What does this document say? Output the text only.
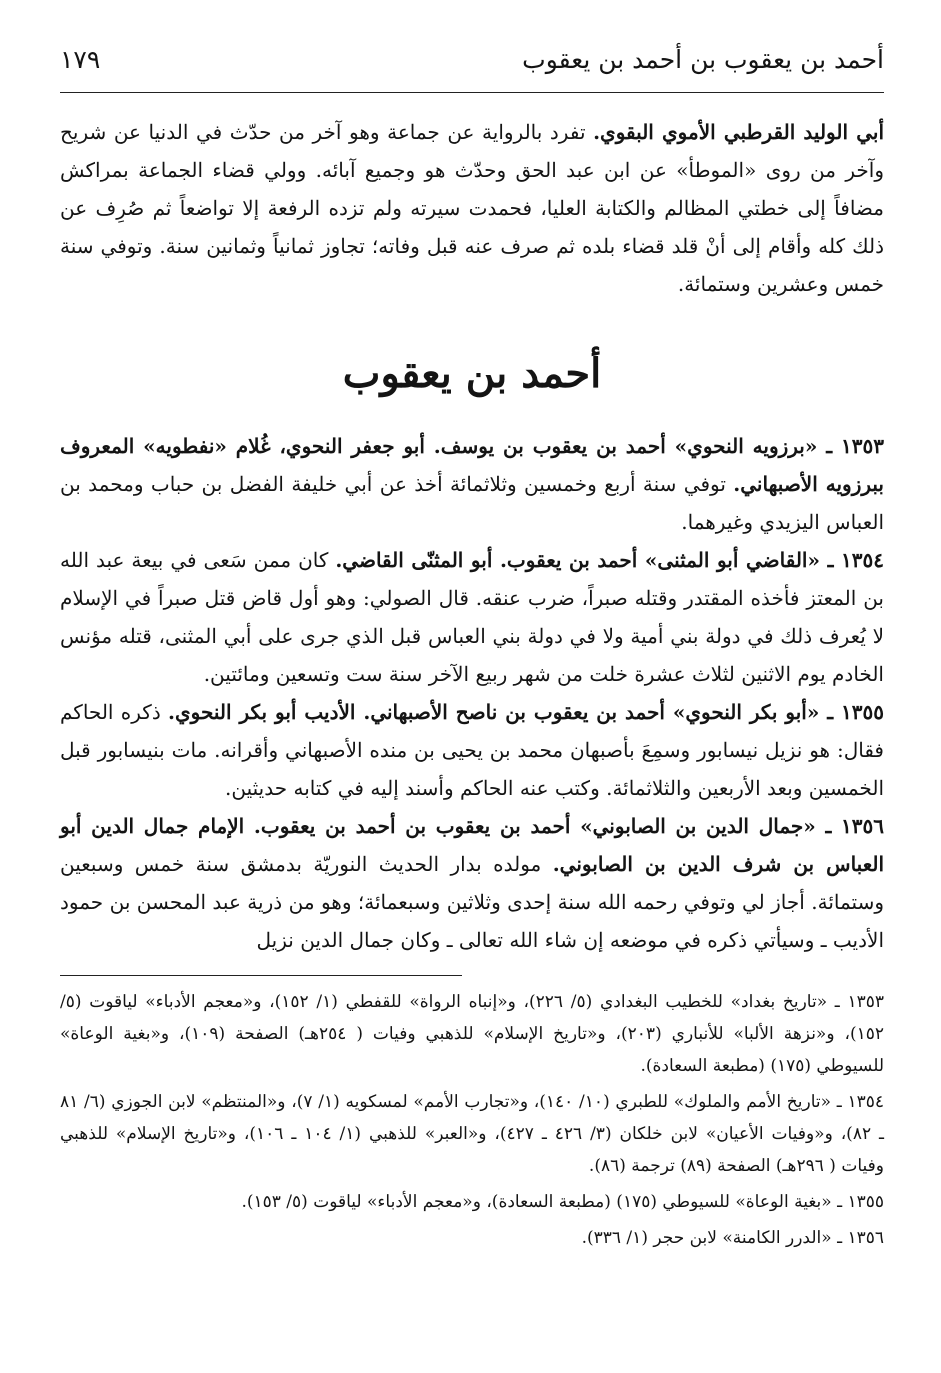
أحمد بن يعقوب بن أحمد بن يعقوب
١٧٩

أبي الوليد القرطبي الأموي البقوي. تفرد بالرواية عن جماعة وهو آخر من حدّث في الدنيا عن شريح وآخر من روى «الموطأ» عن ابن عبد الحق وحدّث هو وجميع آبائه. وولي قضاء الجماعة بمراكش مضافاً إلى خطتي المظالم والكتابة العليا، فحمدت سيرته ولم تزده الرفعة إلا تواضعاً ثم صُرِف عن ذلك كله وأقام إلى أنْ قلد قضاء بلده ثم صرف عنه قبل وفاته؛ تجاوز ثمانياً وثمانين سنة. وتوفي سنة خمس وعشرين وستمائة.

أحمد بن يعقوب

١٣٥٣ ـ «برزويه النحوي» أحمد بن يعقوب بن يوسف. أبو جعفر النحوي، غُلام «نفطويه» المعروف ببرزويه الأصبهاني. توفي سنة أربع وخمسين وثلاثمائة أخذ عن أبي خليفة الفضل بن حباب ومحمد بن العباس اليزيدي وغيرهما.

١٣٥٤ ـ «القاضي أبو المثنى» أحمد بن يعقوب. أبو المثنّى القاضي. كان ممن سَعى في بيعة عبد الله بن المعتز فأخذه المقتدر وقتله صبراً، ضرب عنقه. قال الصولي: وهو أول قاض قتل صبراً في الإسلام لا يُعرف ذلك في دولة بني أمية ولا في دولة بني العباس قبل الذي جرى على أبي المثنى، قتله مؤنس الخادم يوم الاثنين لثلاث عشرة خلت من شهر ربيع الآخر سنة ست وتسعين ومائتين.

١٣٥٥ ـ «أبو بكر النحوي» أحمد بن يعقوب بن ناصح الأصبهاني. الأديب أبو بكر النحوي. ذكره الحاكم فقال: هو نزيل نيسابور وسمِعَ بأصبهان محمد بن يحيى بن منده الأصبهاني وأقرانه. مات بنيسابور قبل الخمسين وبعد الأربعين والثلاثمائة. وكتب عنه الحاكم وأسند إليه في كتابه حديثين.

١٣٥٦ ـ «جمال الدين بن الصابوني» أحمد بن يعقوب بن أحمد بن يعقوب. الإمام جمال الدين أبو العباس بن شرف الدين بن الصابوني. مولده بدار الحديث النوريّة بدمشق سنة خمس وسبعين وستمائة. أجاز لي وتوفي رحمه الله سنة إحدى وثلاثين وسبعمائة؛ وهو من ذرية عبد المحسن بن حمود الأديب ـ وسيأتي ذكره في موضعه إن شاء الله تعالى ـ وكان جمال الدين نزيل

١٣٥٣ ـ «تاريخ بغداد» للخطيب البغدادي (٥/ ٢٢٦)، و«إنباه الرواة» للقفطي (١/ ١٥٢)، و«معجم الأدباء» لياقوت (٥/ ١٥٢)، و«نزهة الألبا» للأنباري (٢٠٣)، و«تاريخ الإسلام» للذهبي وفيات ( ٢٥٤هـ) الصفحة (١٠٩)، و«بغية الوعاة» للسيوطي (١٧٥) (مطبعة السعادة).

١٣٥٤ ـ «تاريخ الأمم والملوك» للطبري (١٠/ ١٤٠)، و«تجارب الأمم» لمسكويه (١/ ٧)، و«المنتظم» لابن الجوزي (٦/ ٨١ ـ ٨٢)، و«وفيات الأعيان» لابن خلكان (٣/ ٤٢٦ ـ ٤٢٧)، و«العبر» للذهبي (١/ ١٠٤ ـ ١٠٦)، و«تاريخ الإسلام» للذهبي وفيات ( ٢٩٦هـ) الصفحة (٨٩) ترجمة (٨٦).

١٣٥٥ ـ «بغية الوعاة» للسيوطي (١٧٥) (مطبعة السعادة)، و«معجم الأدباء» لياقوت (٥/ ١٥٣).

١٣٥٦ ـ «الدرر الكامنة» لابن حجر (١/ ٣٣٦).
